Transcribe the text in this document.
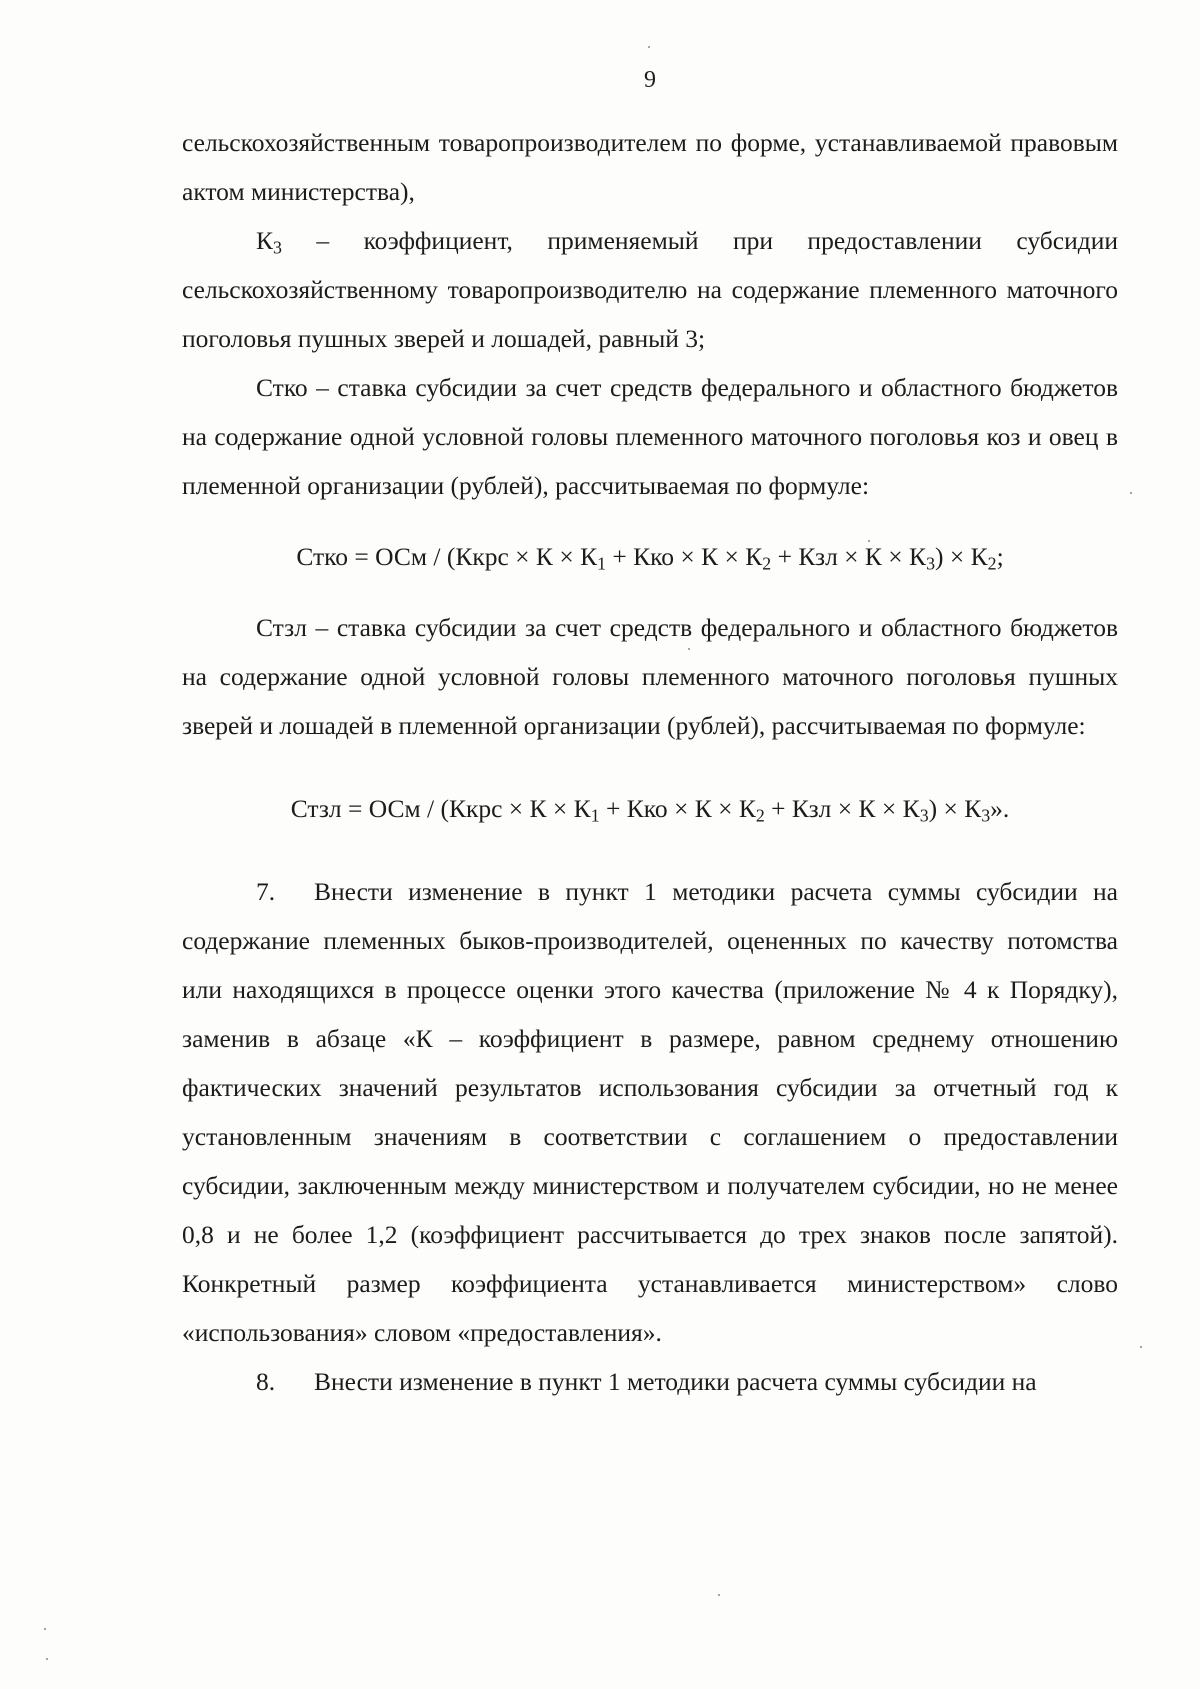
9

сельскохозяйственным товаропроизводителем по форме, устанавливаемой правовым актом министерства),

$К_3$ – коэффициент, применяемый при предоставлении субсидии сельскохозяйственному товаропроизводителю на содержание племенного маточного поголовья пушных зверей и лошадей, равный 3;

Стко – ставка субсидии за счет средств федерального и областного бюджетов на содержание одной условной головы племенного маточного поголовья коз и овец в племенной организации (рублей), рассчитываемая по формуле:

Стко = ОСм / (Ккрс × $К \times К_1$ + Кко × $К \times К_2$ + Кзл × $К \times К_3) \times К_2$;

Стзл – ставка субсидии за счет средств федерального и областного бюджетов на содержание одной условной головы племенного маточного поголовья пушных зверей и лошадей в племенной организации (рублей), рассчитываемая по формуле:

Стзл = ОСм / (Ккрс × $К \times К_1$ + Кко × $К \times К_2$ + Кзл × $К \times К_3) \times К_3$».

7. Внести изменение в пункт 1 методики расчета суммы субсидии на содержание племенных быков-производителей, оцененных по качеству потомства или находящихся в процессе оценки этого качества (приложение № 4 к Порядку), заменив в абзаце «К – коэффициент в размере, равном среднему отношению фактических значений результатов использования субсидии за отчетный год к установленным значениям в соответствии с соглашением о предоставлении субсидии, заключенным между министерством и получателем субсидии, но не менее 0,8 и не более 1,2 (коэффициент рассчитывается до трех знаков после запятой). Конкретный размер коэффициента устанавливается министерством» слово «использования» словом «предоставления».

8. Внести изменение в пункт 1 методики расчета суммы субсидии на
